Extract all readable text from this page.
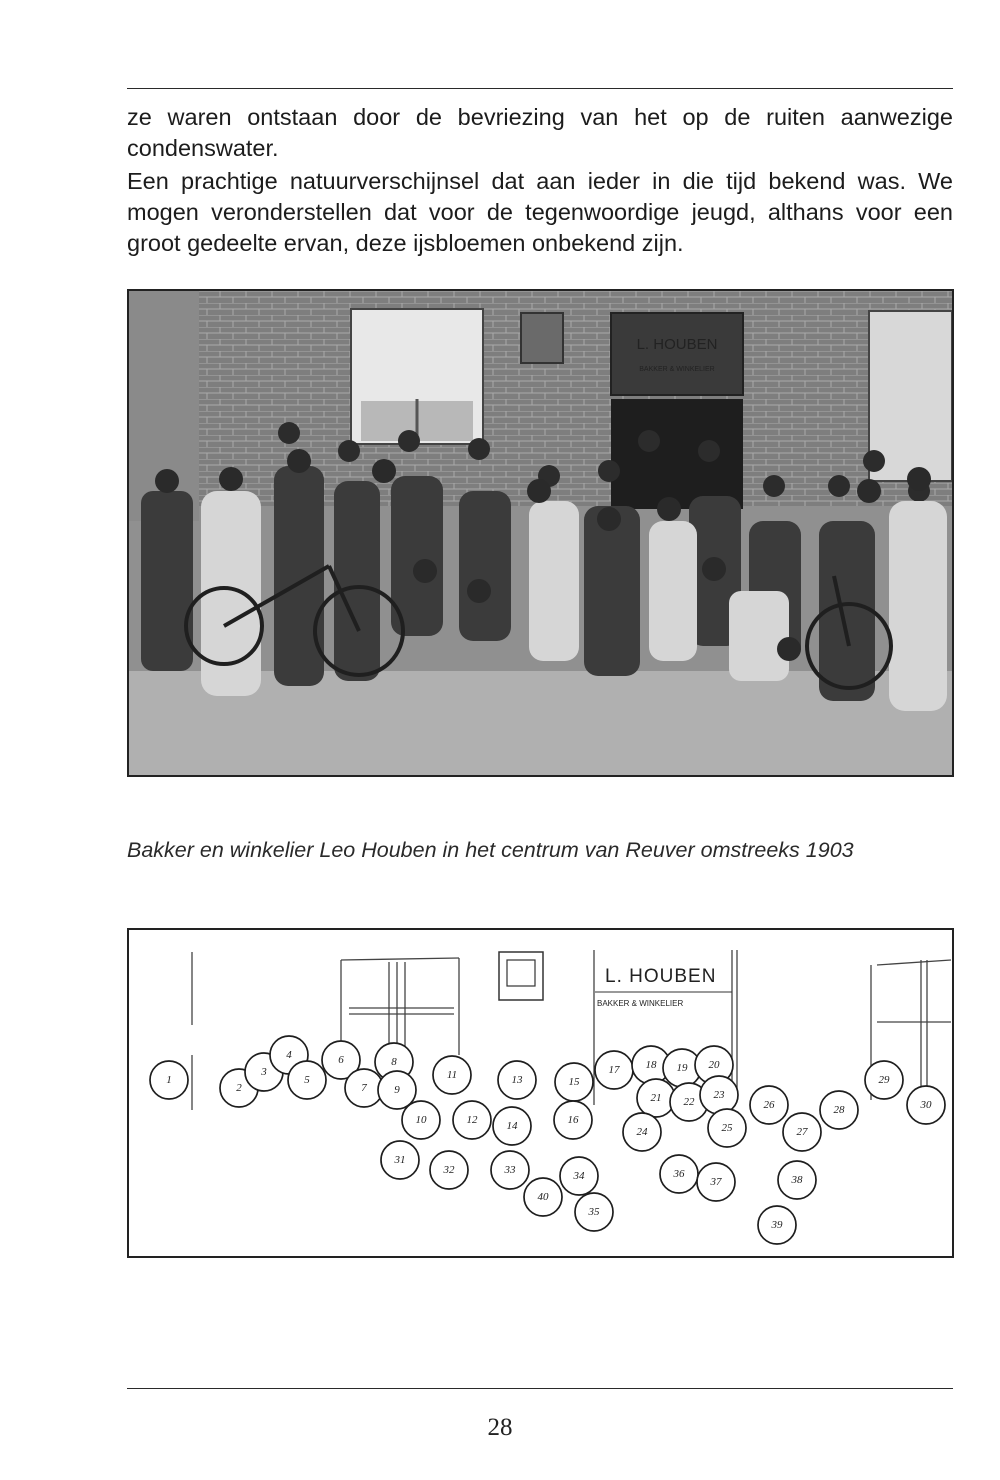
ze waren ontstaan door de bevriezing van het op de ruiten aanwezige condenswater.

Een prachtige natuurverschijnsel dat aan ieder in die tijd bekend was. We mogen veronderstellen dat voor de tegenwoordige jeugd, althans voor een groot gedeelte ervan, deze ijsbloemen onbekend zijn.

L. HOUBEN
BAKKER & WINKELIER

Bakker en winkelier Leo Houben in het centrum van Reuver omstreeks 1903

L. HOUBEN
BAKKER & WINKELIER
1
2
3
4
5
6
7
8
9
10
11
12
13
14
15
16
17 18 19 20
21 22
23
24	25
26
27
28
29
30
31
32	33	34
35
40
36
37	38
39
28
